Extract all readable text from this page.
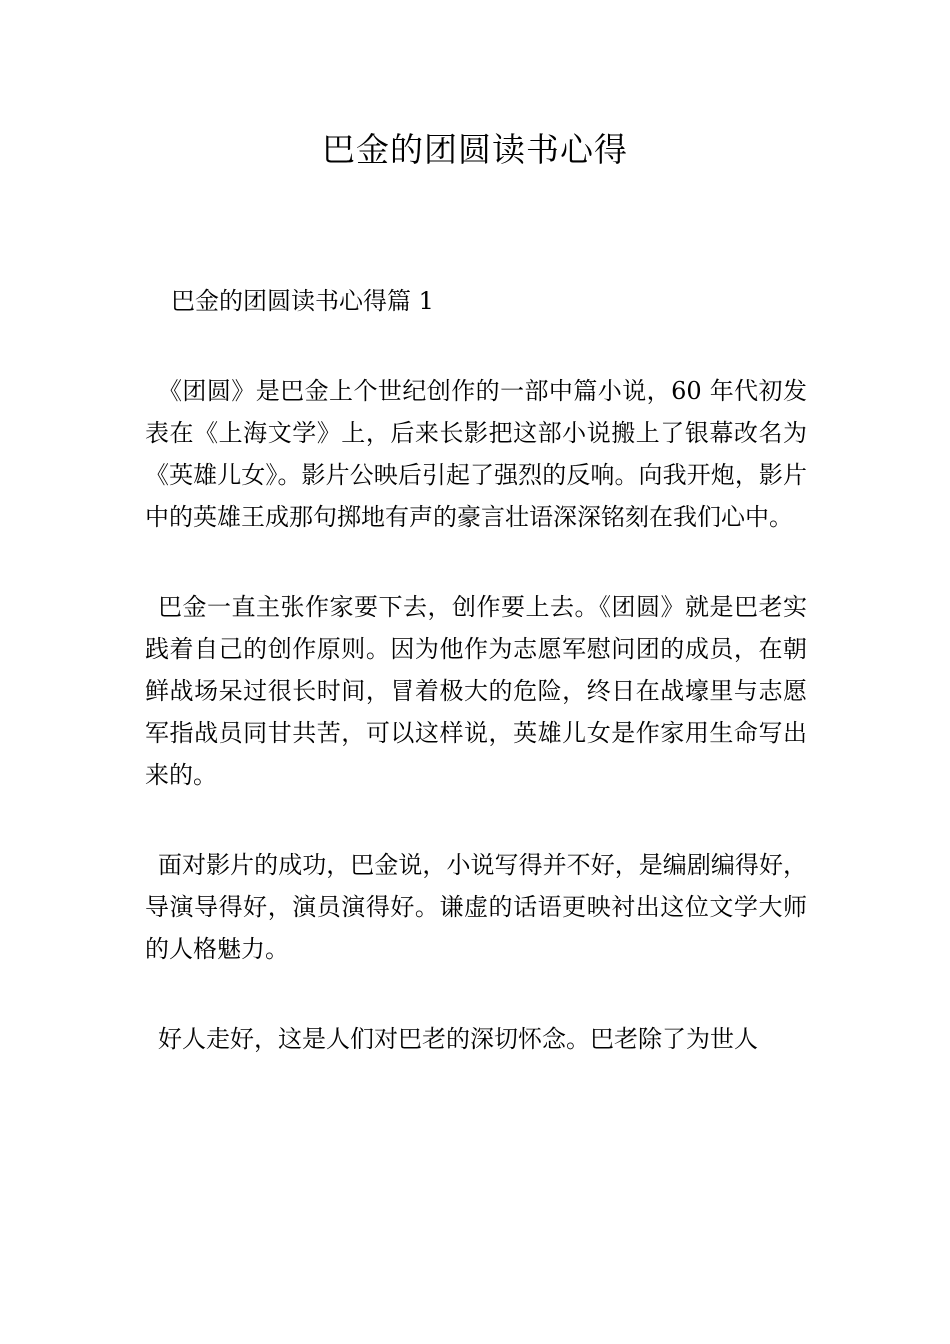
巴金的团圆读书心得

巴金的团圆读书心得篇 1

《团圆》是巴金上个世纪创作的一部中篇小说，60 年代初发表在《上海文学》上，后来长影把这部小说搬上了银幕改名为《英雄儿女》。影片公映后引起了强烈的反响。向我开炮，影片中的英雄王成那句掷地有声的豪言壮语深深铭刻在我们心中。

巴金一直主张作家要下去，创作要上去。《团圆》就是巴老实践着自己的创作原则。因为他作为志愿军慰问团的成员，在朝鲜战场呆过很长时间，冒着极大的危险，终日在战壕里与志愿军指战员同甘共苦，可以这样说，英雄儿女是作家用生命写出来的。

面对影片的成功，巴金说，小说写得并不好，是编剧编得好，导演导得好，演员演得好。谦虚的话语更映衬出这位文学大师的人格魅力。

好人走好，这是人们对巴老的深切怀念。巴老除了为世人
